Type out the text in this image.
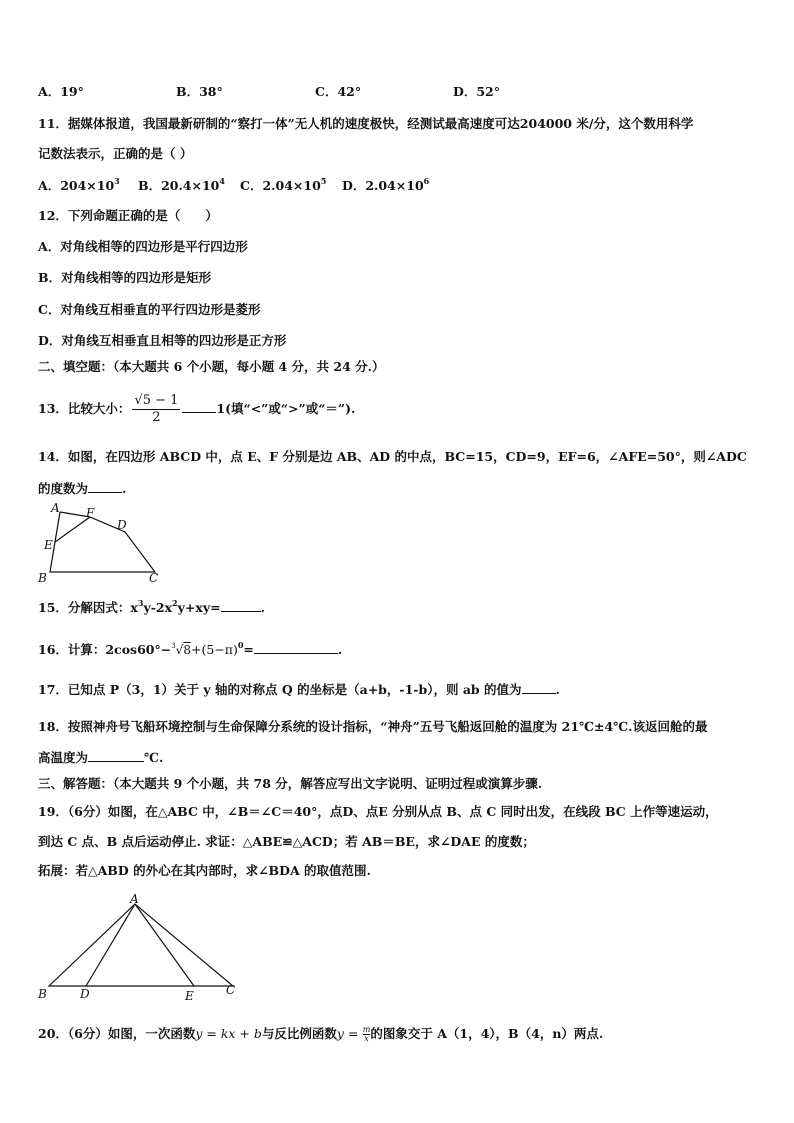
A．19°	B．38°	C．42°	D．52°
11．据媒体报道，我国最新研制的“察打一体”无人机的速度极快，经测试最高速度可达204000 米/分，这个数用科学
记数法表示，正确的是（ ）
A．$204\times 10^3$ B．$20.4\times 10^4$ C．$2.04\times 10^5$ D．$2.04\times 10^6$
12．下列命题正确的是（　　）
A．对角线相等的四边形是平行四边形
B．对角线相等的四边形是矩形
C．对角线互相垂直的平行四边形是菱形
D．对角线互相垂直且相等的四边形是正方形
二、填空题：（本大题共 6 个小题，每小题 4 分，共 24 分.）
13．比较大小： $\frac{√5 - 1}{2}$	1(填“<”或“>”或“＝”).
14．如图，在四边形 ABCD 中，点 E、F 分别是边 AB、AD 的中点，BC=15，CD=9，EF=6，∠AFE=50°，则∠ADC
的度数为	.
A F
D
E
B	C
15．分解因式：$x^3y-2x^2y+xy=$	.
16．计算：$2\cos 60^\circ-^3√8+(5-\pi)^0=$	.
17．已知点 P（3，1）关于 y 轴的对称点 Q 的坐标是（a+b，-1-b），则 ab 的值为	.
18．按照神舟号飞船环境控制与生命保障分系统的设计指标，“神舟”五号飞船返回舱的温度为 21℃±4℃.该返回舱的最
高温度为	℃.
三、解答题：（本大题共 9 个小题，共 78 分，解答应写出文字说明、证明过程或演算步骤.
19．（6分）如图，在△ABC 中，∠B＝∠C＝40°，点D、点E 分别从点 B、点 C 同时出发，在线段 BC 上作等速运动，
到达 C 点、B 点后运动停止. 求证：△ABE≌△ACD；若 AB＝BE，求∠DAE 的度数；
拓展：若△ABD 的外心在其内部时，求∠BDA 的取值范围.
A
B	D	E	C
20．（6分）如图，一次函数y = kx + b与反比例函数$y = \frac{m}{x}$的图象交于 A（1，4），B（4，n）两点.
